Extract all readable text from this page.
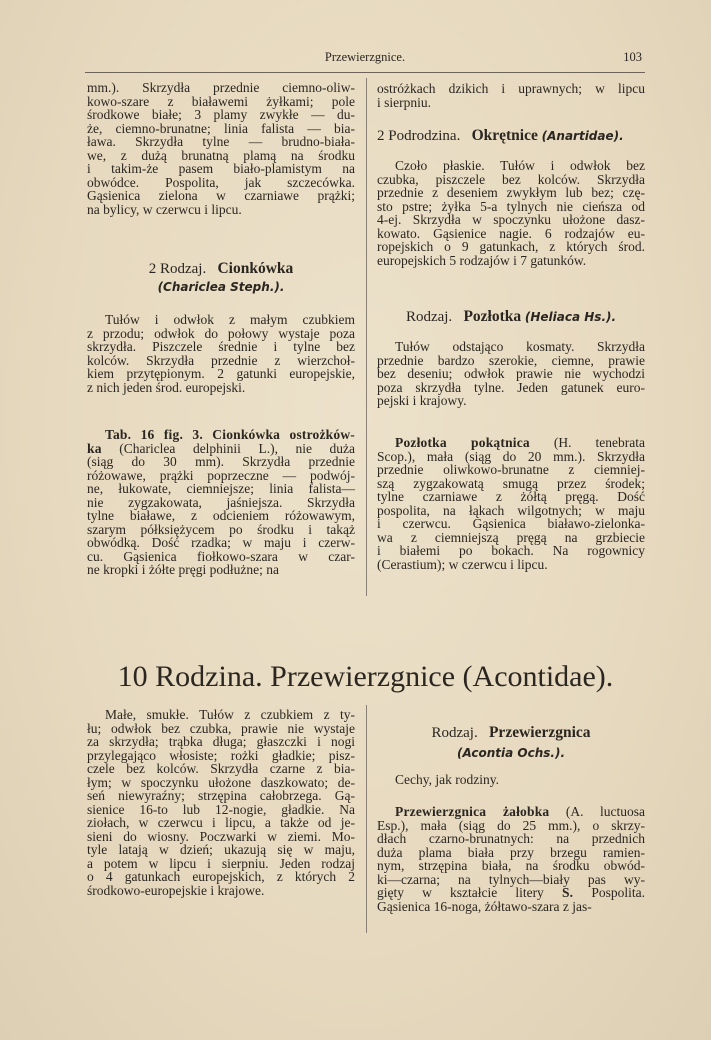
Przewierzgnice.	103
mm.). Skrzydła przednie ciemno-oliw-
kowo-szare z białawemi żyłkami; pole
środkowe białe; 3 plamy zwykłe — du-
że, ciemno-brunatne; linia falista — bia-
ława. Skrzydła tylne — brudno-biała-
we, z dużą brunatną plamą na środku
i takim-że pasem biało-plamistym na
obwódce. Pospolita, jak szczecówka.
Gąsienica zielona w czarniawe prążki;
na bylicy, w czerwcu i lipcu.
2 Rodzaj. Cionkówka
(Chariclea Steph.).
Tułów i odwłok z małym czubkiem
z przodu; odwłok do połowy wystaje poza
skrzydła. Piszczele średnie i tylne bez
kolców. Skrzydła przednie z wierzchoł-
kiem przytępionym. 2 gatunki europejskie,
z nich jeden środ. europejski.
Tab. 16 fig. 3. Cionkówka ostrożków-
ka (Chariclea delphinii L.), nie duża
(siąg do 30 mm). Skrzydła przednie
różowawe, prążki poprzeczne — podwój-
ne, łukowate, ciemniejsze; linia falista—
nie zygzakowata, jaśniejsza. Skrzydła
tylne białawe, z odcieniem różowawym,
szarym półksiężycem po środku i takąż
obwódką. Dość rzadka; w maju i czerw-
cu. Gąsienica fiołkowo-szara w czar-
ne kropki i żółte pręgi podłużne; na
ostróżkach dzikich i uprawnych; w lipcu
i sierpniu.
2 Podrodzina. Okrętnice (Anartidae).
Czoło płaskie. Tułów i odwłok bez
czubka, piszczele bez kolców. Skrzydła
przednie z deseniem zwykłym lub bez; czę-
sto pstre; żyłka 5-a tylnych nie cieńsza od
4-ej. Skrzydła w spoczynku ułożone dasz-
kowato. Gąsienice nagie. 6 rodzajów eu-
ropejskich o 9 gatunkach, z których środ.
europejskich 5 rodzajów i 7 gatunków.
Rodzaj. Pozłotka (Heliaca Hs.).
Tułów odstająco kosmaty. Skrzydła
przednie bardzo szerokie, ciemne, prawie
bez deseniu; odwłok prawie nie wychodzi
poza skrzydła tylne. Jeden gatunek euro-
pejski i krajowy.
Pozłotka pokątnica (H. tenebrata
Scop.), mała (siąg do 20 mm.). Skrzydła
przednie oliwkowo-brunatne z ciemniej-
szą zygzakowatą smugą przez środek;
tylne czarniawe z żółtą pręgą. Dość
pospolita, na łąkach wilgotnych; w maju
i czerwcu. Gąsienica białawo-zielonka-
wa z ciemniejszą pręgą na grzbiecie
i białemi po bokach. Na rogownicy
(Cerastium); w czerwcu i lipcu.
10 Rodzina. Przewierzgnice (Acontidae).
Małe, smukłe. Tułów z czubkiem z ty-
łu; odwłok bez czubka, prawie nie wystaje
za skrzydła; trąbka długa; głaszczki i nogi
przylegająco włosiste; rożki gładkie; pisz-
czele bez kolców. Skrzydła czarne z bia-
łym; w spoczynku ułożone daszkowato; de-
seń niewyraźny; strzępina całobrzega. Gą-
sienice 16-to lub 12-nogie, gładkie. Na
ziołach, w czerwcu i lipcu, a także od je-
sieni do wiosny. Poczwarki w ziemi. Mo-
tyle latają w dzień; ukazują się w maju,
a potem w lipcu i sierpniu. Jeden rodzaj
o 4 gatunkach europejskich, z których 2
środkowo-europejskie i krajowe.
Rodzaj. Przewierzgnica
(Acontia Ochs.).
Cechy, jak rodziny.
Przewierzgnica żałobka (A. luctuosa
Esp.), mała (siąg do 25 mm.), o skrzy-
dłach czarno-brunatnych: na przednich
duża plama biała przy brzegu ramien-
nym, strzępina biała, na środku obwód-
ki—czarna; na tylnych—biały pas wy-
gięty w kształcie litery S. Pospolita.
Gąsienica 16-noga, żółtawo-szara z jas-
